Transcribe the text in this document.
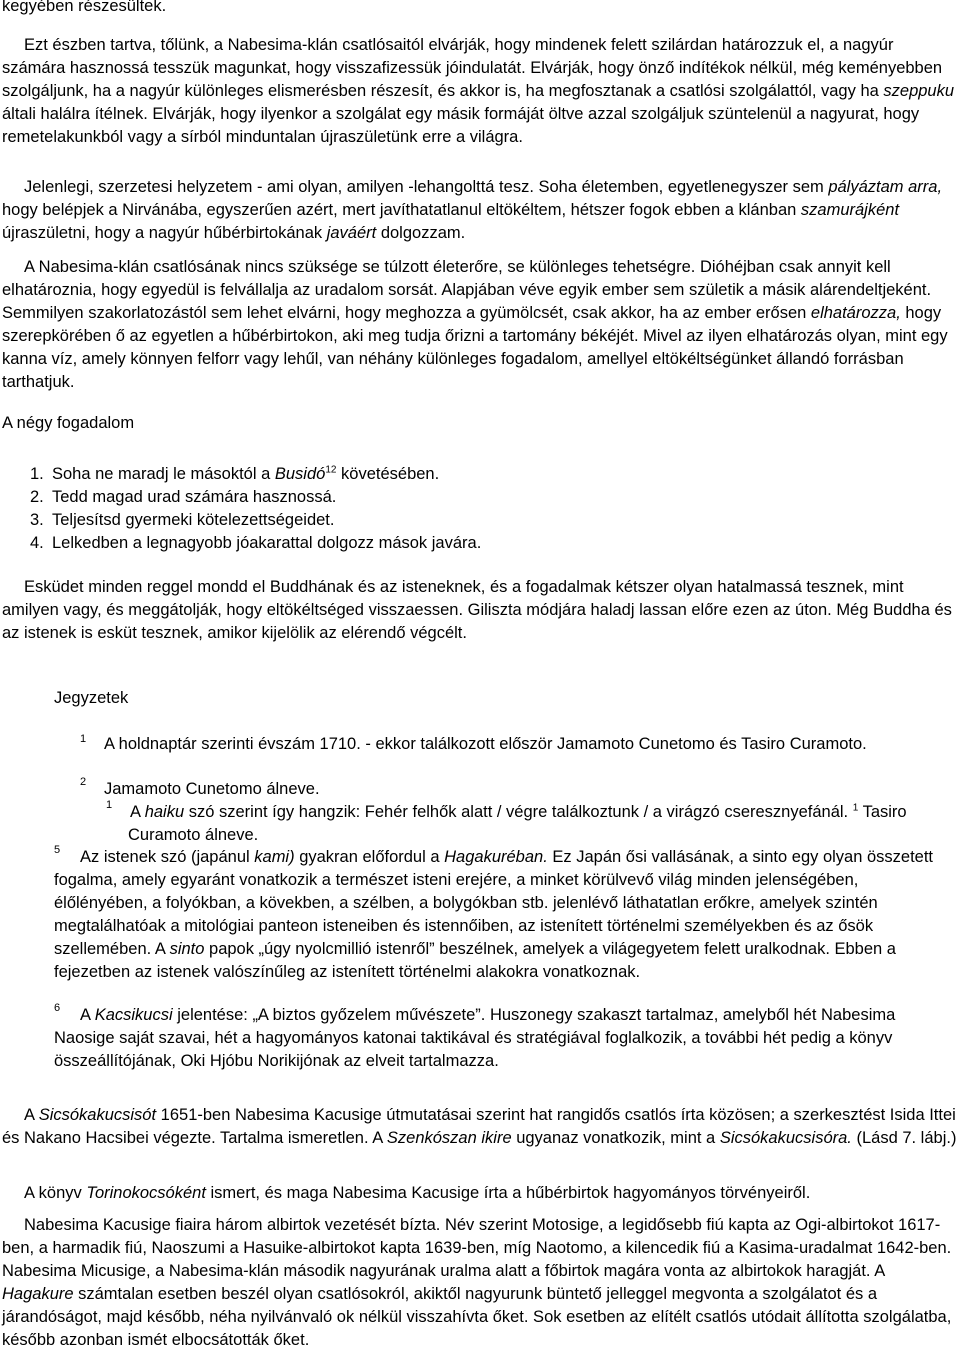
kegyében részesültek.

Ezt észben tartva, tőlünk, a Nabesima-klán csatlósaitól elvárják, hogy mindenek felett szilárdan határozzuk el, a nagyúr számára hasznossá tesszük magunkat, hogy visszafizessük jóindulatát. Elvárják, hogy önző indítékok nélkül, még keményebben szolgáljunk, ha a nagyúr különleges elismerésben részesít, és akkor is, ha megfosztanak a csatlósi szolgálattól, vagy ha szeppuku általi halálra ítélnek. Elvárják, hogy ilyenkor a szolgálat egy másik formáját öltve azzal szolgáljuk szüntelenül a nagyurat, hogy remetelakunkból vagy a sírból minduntalan újraszületünk erre a világra.

Jelenlegi, szerzetesi helyzetem - ami olyan, amilyen -lehangolttá tesz. Soha életemben, egyetlenegyszer sem pályáztam arra, hogy belépjek a Nirvánába, egyszerűen azért, mert javíthatatlanul eltökéltem, hétszer fogok ebben a klánban szamurájként újraszületni, hogy a nagyúr hűbérbirtokának javáért dolgozzam.

A Nabesima-klán csatlósának nincs szüksége se túlzott életerőre, se különleges tehetségre. Dióhéjban csak annyit kell elhatároznia, hogy egyedül is felvállalja az uradalom sorsát. Alapjában véve egyik ember sem születik a másik alárendeltjeként. Semmilyen szakorlatozástól sem lehet elvárni, hogy meghozza a gyümölcsét, csak akkor, ha az ember erősen elhatározza, hogy szerepkörében ő az egyetlen a hűbérbirtokon, aki meg tudja őrizni a tartomány békéjét. Mivel az ilyen elhatározás olyan, mint egy kanna víz, amely könnyen felforr vagy lehűl, van néhány különleges fogadalom, amellyel eltökéltségünket állandó forrásban tarthatjuk.

A négy fogadalom

1. Soha ne maradj le másoktól a Busidó$^{12}$ követésében.
2. Tedd magad urad számára hasznossá.
3. Teljesítsd gyermeki kötelezettségeidet.
4. Lelkedben a legnagyobb jóakarattal dolgozz mások javára.

Esküdet minden reggel mondd el Buddhának és az isteneknek, és a fogadalmak kétszer olyan hatalmassá tesznek, mint amilyen vagy, és meggátolják, hogy eltökéltséged visszaessen. Giliszta módjára haladj lassan előre ezen az úton. Még Buddha és az istenek is esküt tesznek, amikor kijelölik az elérendő végcélt.

Jegyzetek

1 A holdnaptár szerinti évszám 1710. - ekkor találkozott először Jamamoto Cunetomo és Tasiro Curamoto.

2 Jamamoto Cunetomo álneve.

1 A haiku szó szerint így hangzik: Fehér felhők alatt / végre találkoztunk / a virágzó cseresznyefánál. $^1$ Tasiro Curamoto álneve.

5	Az istenek szó (japánul kami) gyakran előfordul a Hagakuréban. Ez Japán ősi vallásának, a sinto egy olyan összetett fogalma, amely egyaránt vonatkozik a természet isteni erejére, a minket körülvevő világ minden jelenségében, élőlényében, a folyókban, a kövekben, a szélben, a bolygókban stb. jelenlévő láthatatlan erőkre, amelyek szintén megtalálhatóak a mitológiai panteon isteneiben és istennőiben, az istenített történelmi személyekben és az ősök szellemében. A sinto papok „úgy nyolcmillió istenről” beszélnek, amelyek a világegyetem felett uralkodnak. Ebben a fejezetben az istenek valószínűleg az istenített történelmi alakokra vonatkoznak.

6	A Kacsikucsi jelentése: „A biztos győzelem művészete”. Huszonegy szakaszt tartalmaz, amelyből hét Nabesima Naosige saját szavai, hét a hagyományos katonai taktikával és stratégiával foglalkozik, a további hét pedig a könyv összeállítójának, Oki Hjóbu Norikijónak az elveit tartalmazza.

A Sicsókakucsisót 1651-ben Nabesima Kacusige útmutatásai szerint hat rangidős csatlós írta közösen; a szerkesztést Isida Ittei és Nakano Hacsibei végezte. Tartalma ismeretlen. A Szenkószan ikire ugyanaz vonatkozik, mint a Sicsókakucsisóra. (Lásd 7. lábj.)

A könyv Torinokocsóként ismert, és maga Nabesima Kacusige írta a hűbérbirtok hagyományos törvényeiről.

Nabesima Kacusige fiaira három albirtok vezetését bízta. Név szerint Motosige, a legidősebb fiú kapta az Ogi-albirtokot 1617-ben, a harmadik fiú, Naoszumi a Hasuike-albirtokot kapta 1639-ben, míg Naotomo, a kilencedik fiú a Kasima-uradalmat 1642-ben. Nabesima Micusige, a Nabesima-klán második nagyurának uralma alatt a főbirtok magára vonta az albirtokok haragját. A Hagakure számtalan esetben beszél olyan csatlósokról, akiktől nagyurunk büntető jelleggel megvonta a szolgálatot és a járandóságot, majd később, néha nyilvánvaló ok nélkül visszahívta őket. Sok esetben az elítélt csatlós utódait állította szolgálatba, később azonban ismét elbocsátották őket.
